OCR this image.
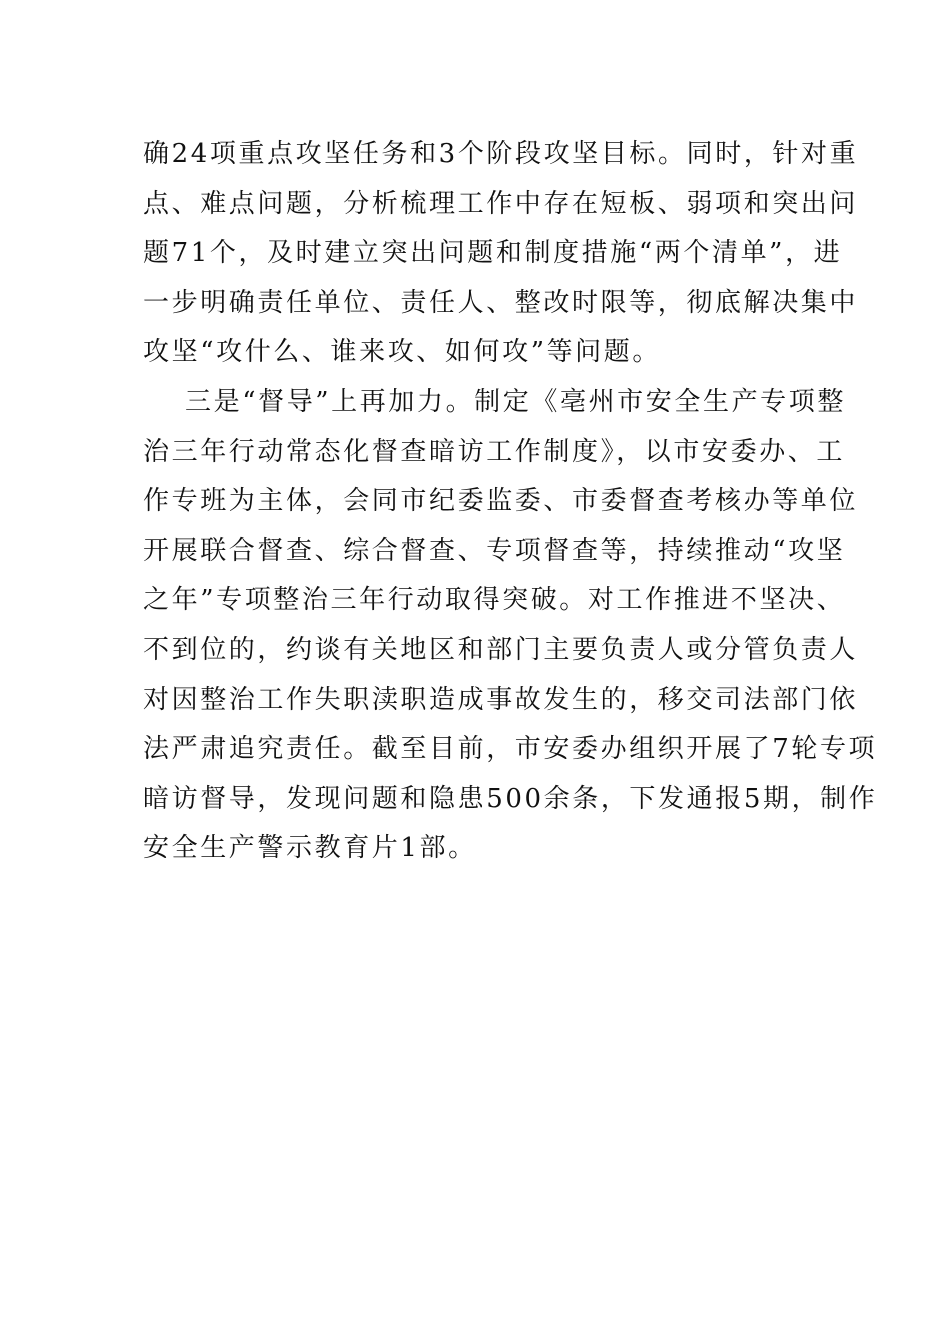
确24项重点攻坚任务和3个阶段攻坚目标。同时，针对重
点、难点问题，分析梳理工作中存在短板、弱项和突出问
题71个，及时建立突出问题和制度措施“两个清单”，进
一步明确责任单位、责任人、整改时限等，彻底解决集中
攻坚“攻什么、谁来攻、如何攻”等问题。
三是“督导”上再加力。制定《亳州市安全生产专项整
治三年行动常态化督查暗访工作制度》，以市安委办、工
作专班为主体，会同市纪委监委、市委督查考核办等单位
开展联合督查、综合督查、专项督查等，持续推动“攻坚
之年”专项整治三年行动取得突破。对工作推进不坚决、
不到位的，约谈有关地区和部门主要负责人或分管负责人
对因整治工作失职渎职造成事故发生的，移交司法部门依
法严肃追究责任。截至目前，市安委办组织开展了7轮专项
暗访督导，发现问题和隐患500余条，下发通报5期，制作
安全生产警示教育片1部。
